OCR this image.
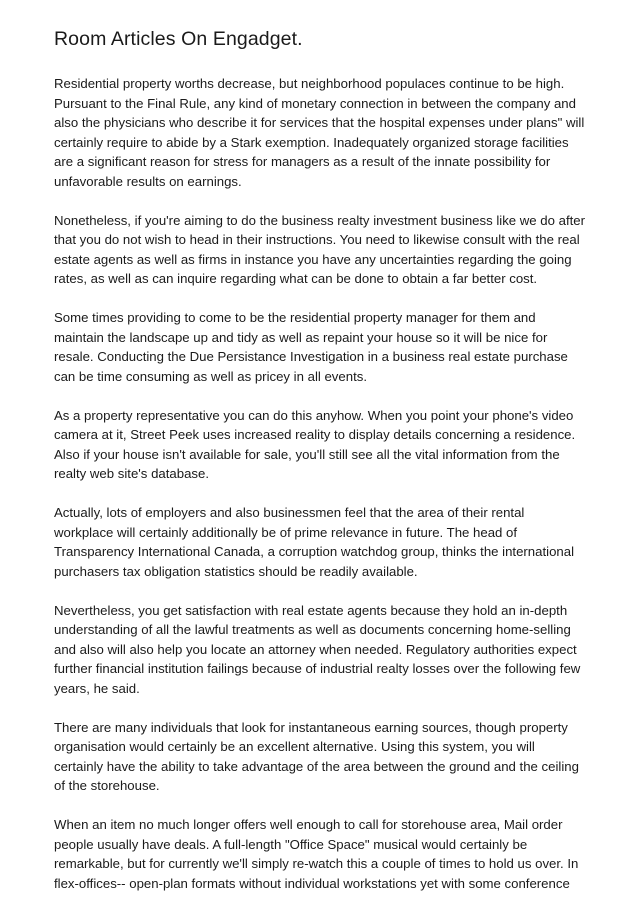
Room Articles On Engadget.

Residential property worths decrease, but neighborhood populaces continue to be high. Pursuant to the Final Rule, any kind of monetary connection in between the company and also the physicians who describe it for services that the hospital expenses under plans" will certainly require to abide by a Stark exemption. Inadequately organized storage facilities are a significant reason for stress for managers as a result of the innate possibility for unfavorable results on earnings.

Nonetheless, if you're aiming to do the business realty investment business like we do after that you do not wish to head in their instructions. You need to likewise consult with the real estate agents as well as firms in instance you have any uncertainties regarding the going rates, as well as can inquire regarding what can be done to obtain a far better cost.

Some times providing to come to be the residential property manager for them and maintain the landscape up and tidy as well as repaint your house so it will be nice for resale. Conducting the Due Persistance Investigation in a business real estate purchase can be time consuming as well as pricey in all events.

As a property representative you can do this anyhow. When you point your phone's video camera at it, Street Peek uses increased reality to display details concerning a residence. Also if your house isn't available for sale, you'll still see all the vital information from the realty web site's database.

Actually, lots of employers and also businessmen feel that the area of their rental workplace will certainly additionally be of prime relevance in future. The head of Transparency International Canada, a corruption watchdog group, thinks the international purchasers tax obligation statistics should be readily available.

Nevertheless, you get satisfaction with real estate agents because they hold an in-depth understanding of all the lawful treatments as well as documents concerning home-selling and also will also help you locate an attorney when needed. Regulatory authorities expect further financial institution failings because of industrial realty losses over the following few years, he said.

There are many individuals that look for instantaneous earning sources, though property organisation would certainly be an excellent alternative. Using this system, you will certainly have the ability to take advantage of the area between the ground and the ceiling of the storehouse.

When an item no much longer offers well enough to call for storehouse area, Mail order people usually have deals. A full-length "Office Space" musical would certainly be remarkable, but for currently we'll simply re-watch this a couple of times to hold us over. In flex-offices-- open-plan formats without individual workstations yet with some conference
